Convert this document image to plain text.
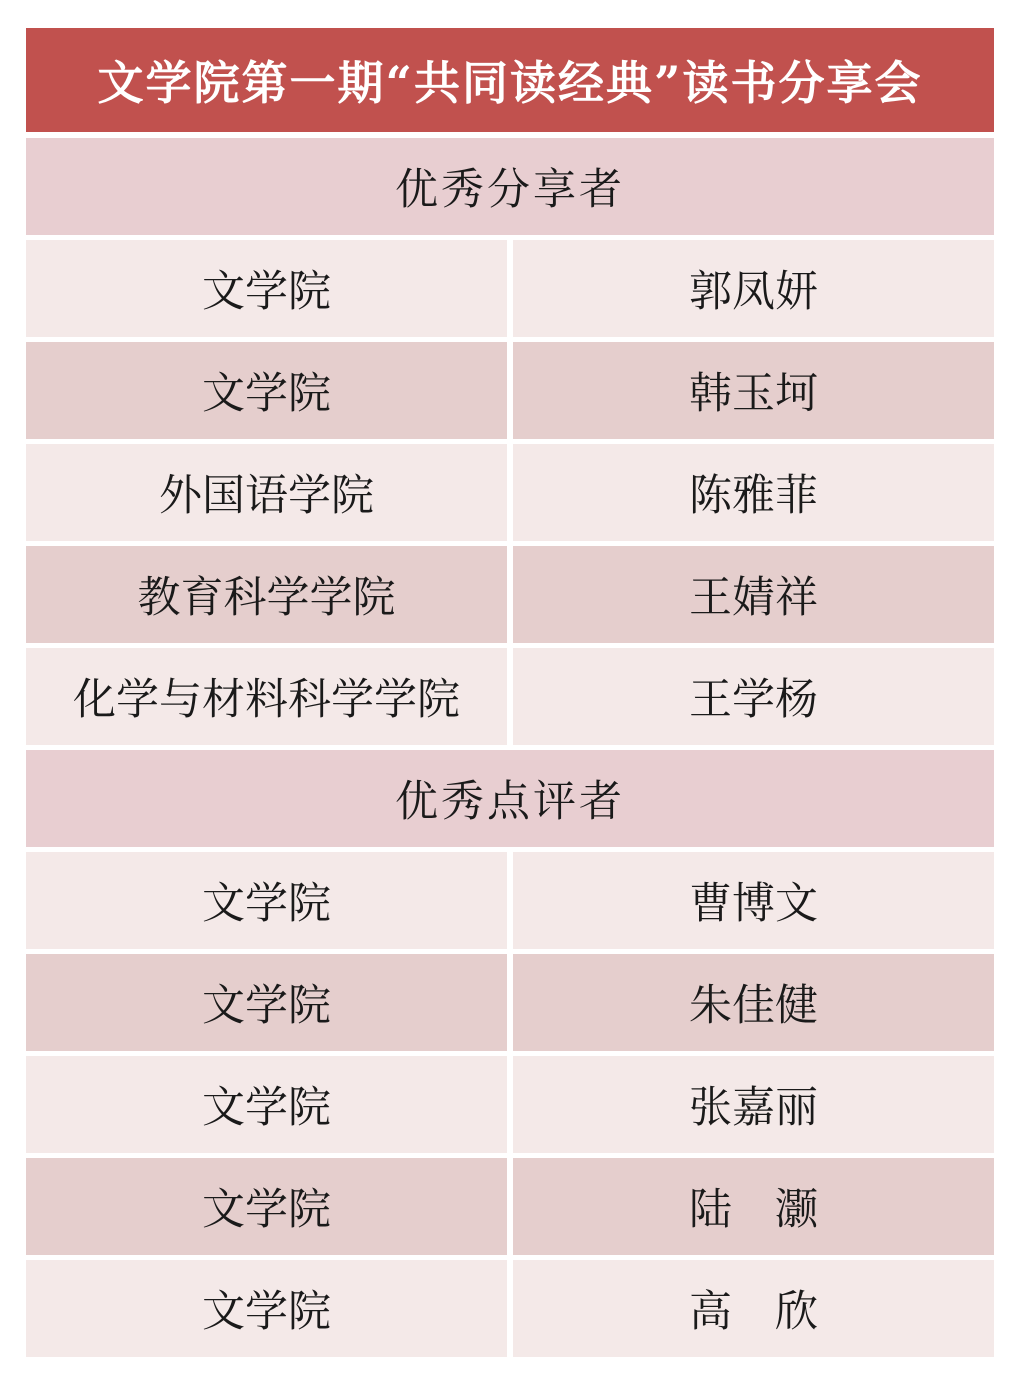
文学院第一期“共同读经典”读书分享会
优秀分享者
文学院	郭凤妍
文学院	韩玉坷
外国语学院	陈雅菲
教育科学学院	王婧祥
化学与材料科学学院	王学杨
优秀点评者
文学院	曹博文
文学院	朱佳健
文学院	张嘉丽
文学院	陆　灏
文学院	高　欣
